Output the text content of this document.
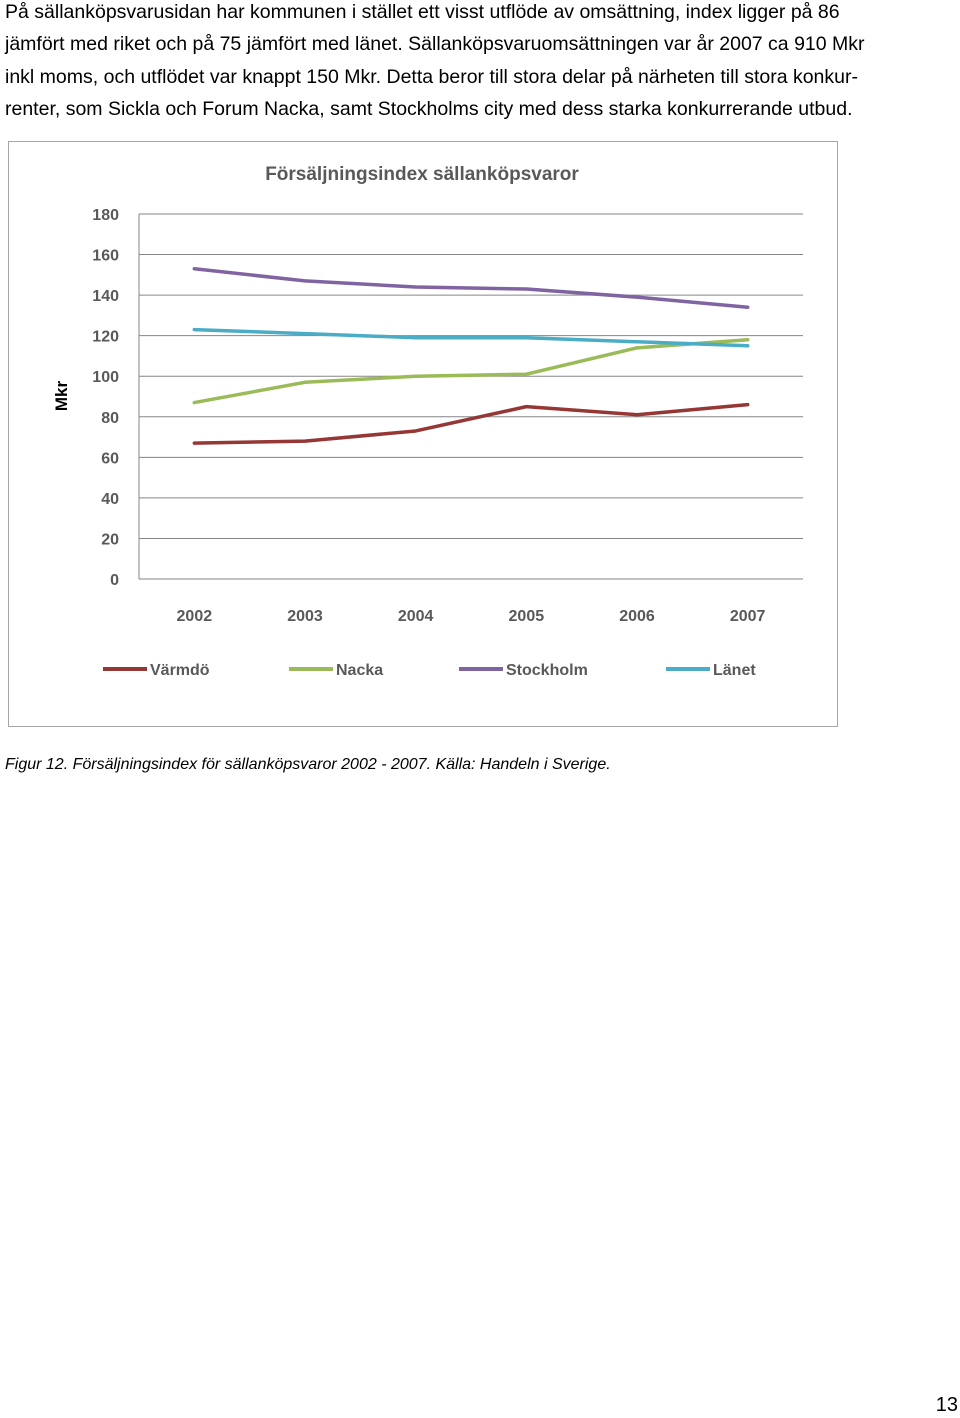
På sällanköpsvarusidan har kommunen i stället ett visst utflöde av omsättning, index ligger på 86
jämfört med riket och på 75 jämfört med länet. Sällanköpsvaruomsättningen var år 2007 ca 910 Mkr
inkl moms, och utflödet var knappt 150 Mkr. Detta beror till stora delar på närheten till stora konkur-
renter, som Sickla och Forum Nacka, samt Stockholms city med dess starka konkurrerande utbud.

Försäljningsindex sällanköpsvaror
0
20
40
60
80
100
120
140
160
180
Mkr
2002	2003	2004	2005	2006	2007
Värmdö	Nacka	Stockholm	Länet
Figur 12. Försäljningsindex för sällanköpsvaror 2002 - 2007. Källa: Handeln i Sverige.
13
